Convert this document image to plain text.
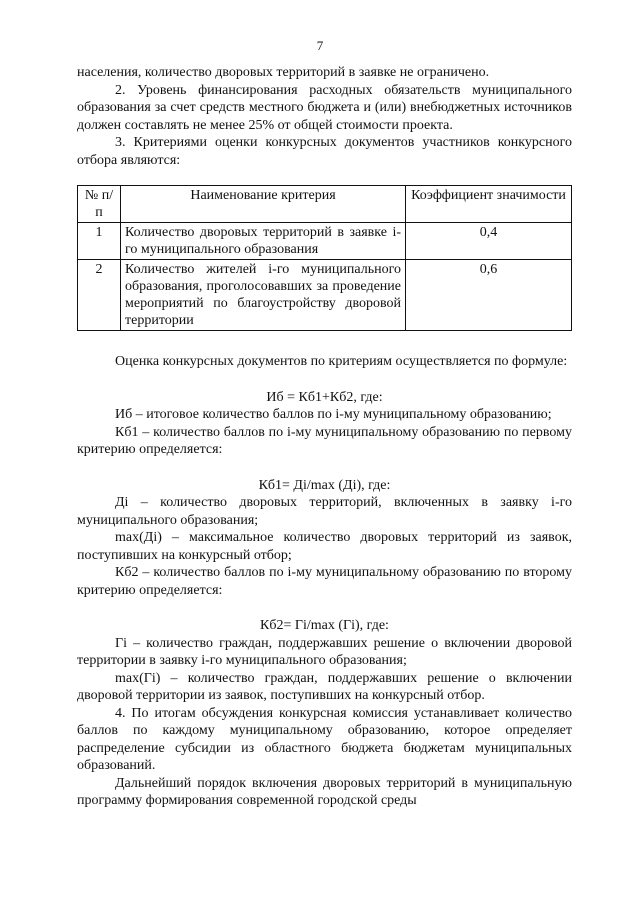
7

населения, количество дворовых территорий в заявке не ограничено.

2. Уровень финансирования расходных обязательств муниципального образования за счет средств местного бюджета и (или) внебюджетных источников должен составлять не менее 25% от общей стоимости проекта.

3. Критериями оценки конкурсных документов участников конкурсного отбора являются:

№ п/п	Наименование критерия	Коэффициент значимости
1	Количество дворовых территорий в заявке i-го муниципального образования	0,4
2	Количество жителей i-го муниципального образования, проголосовавших за проведение мероприятий по благоустройству дворовой территории	0,6

Оценка конкурсных документов по критериям осуществляется по формуле:

Иб = Кб1+Кб2, где:

Иб – итоговое количество баллов по i-му муниципальному образованию;

Кб1 – количество баллов по i-му муниципальному образованию по первому критерию определяется:

Кб1= Дi/max (Дi), где:

Дi – количество дворовых территорий, включенных в заявку i-го муниципального образования;

max(Дi) – максимальное количество дворовых территорий из заявок, поступивших на конкурсный отбор;

Кб2 – количество баллов по i-му муниципальному образованию по второму критерию определяется:

Кб2= Гi/max (Гi), где:

Гi – количество граждан, поддержавших решение о включении дворовой территории в заявку i-го муниципального образования;

max(Гi) – количество граждан, поддержавших решение о включении дворовой территории из заявок, поступивших на конкурсный отбор.

4. По итогам обсуждения конкурсная комиссия устанавливает количество баллов по каждому муниципальному образованию, которое определяет распределение субсидии из областного бюджета бюджетам муниципальных образований.

Дальнейший порядок включения дворовых территорий в муниципальную программу формирования современной городской среды
